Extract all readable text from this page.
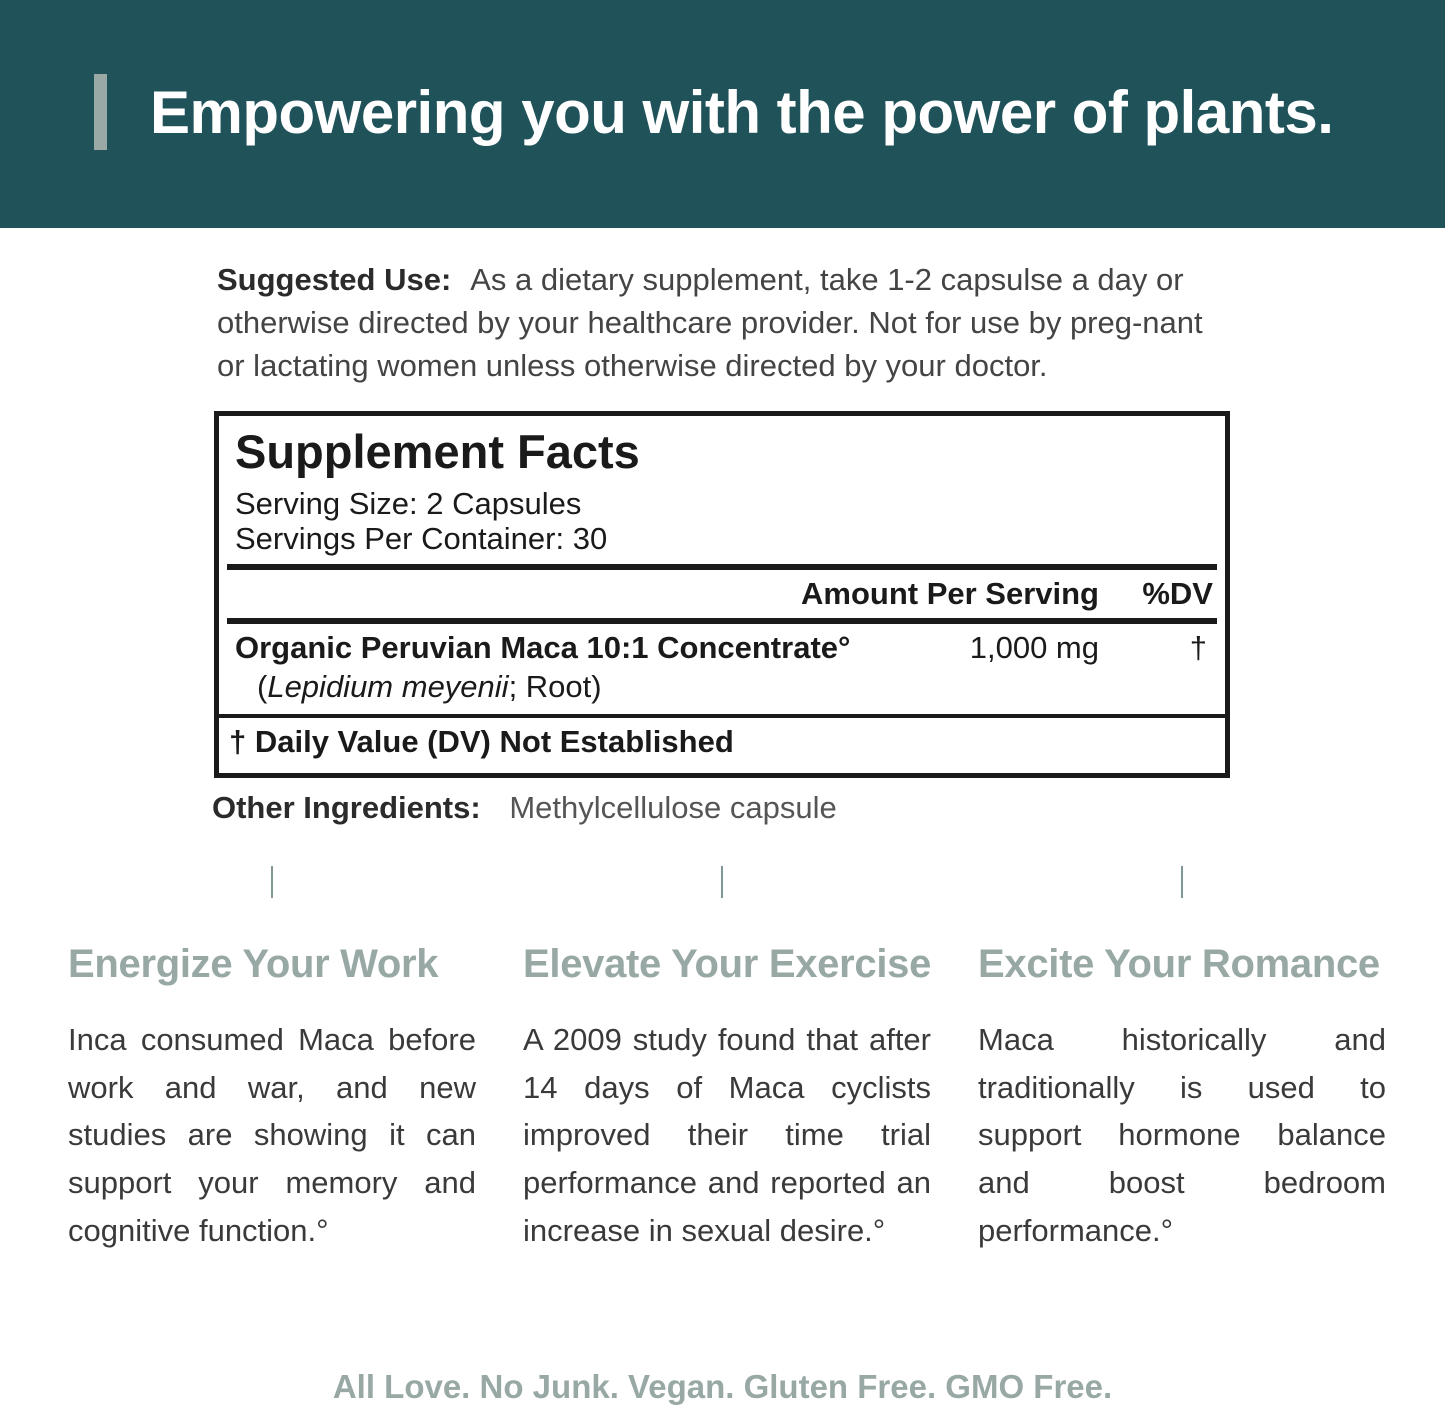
Empowering you with the power of plants.

Suggested Use: As a dietary supplement, take 1-2 capsulse a day or otherwise directed by your healthcare provider. Not for use by preg-nant or lactating women unless otherwise directed by your doctor.

Supplement Facts
Serving Size: 2 Capsules
Servings Per Container: 30
Amount Per Serving %DV
Organic Peruvian Maca 10:1 Concentrate°
(Lepidium meyenii; Root)
1,000 mg	†
† Daily Value (DV) Not Established
Other Ingredients: Methylcellulose capsule
Energize Your Work

Inca consumed Maca before work and war, and new studies are showing it can support your memory and cognitive function.°

Elevate Your Exercise

A 2009 study found that after 14 days of Maca cyclists improved their time trial performance and reported an increase in sexual desire.°

Excite Your Romance

Maca historically and traditionally is used to support hormone balance and boost bedroom performance.°

All Love. No Junk. Vegan. Gluten Free. GMO Free.
